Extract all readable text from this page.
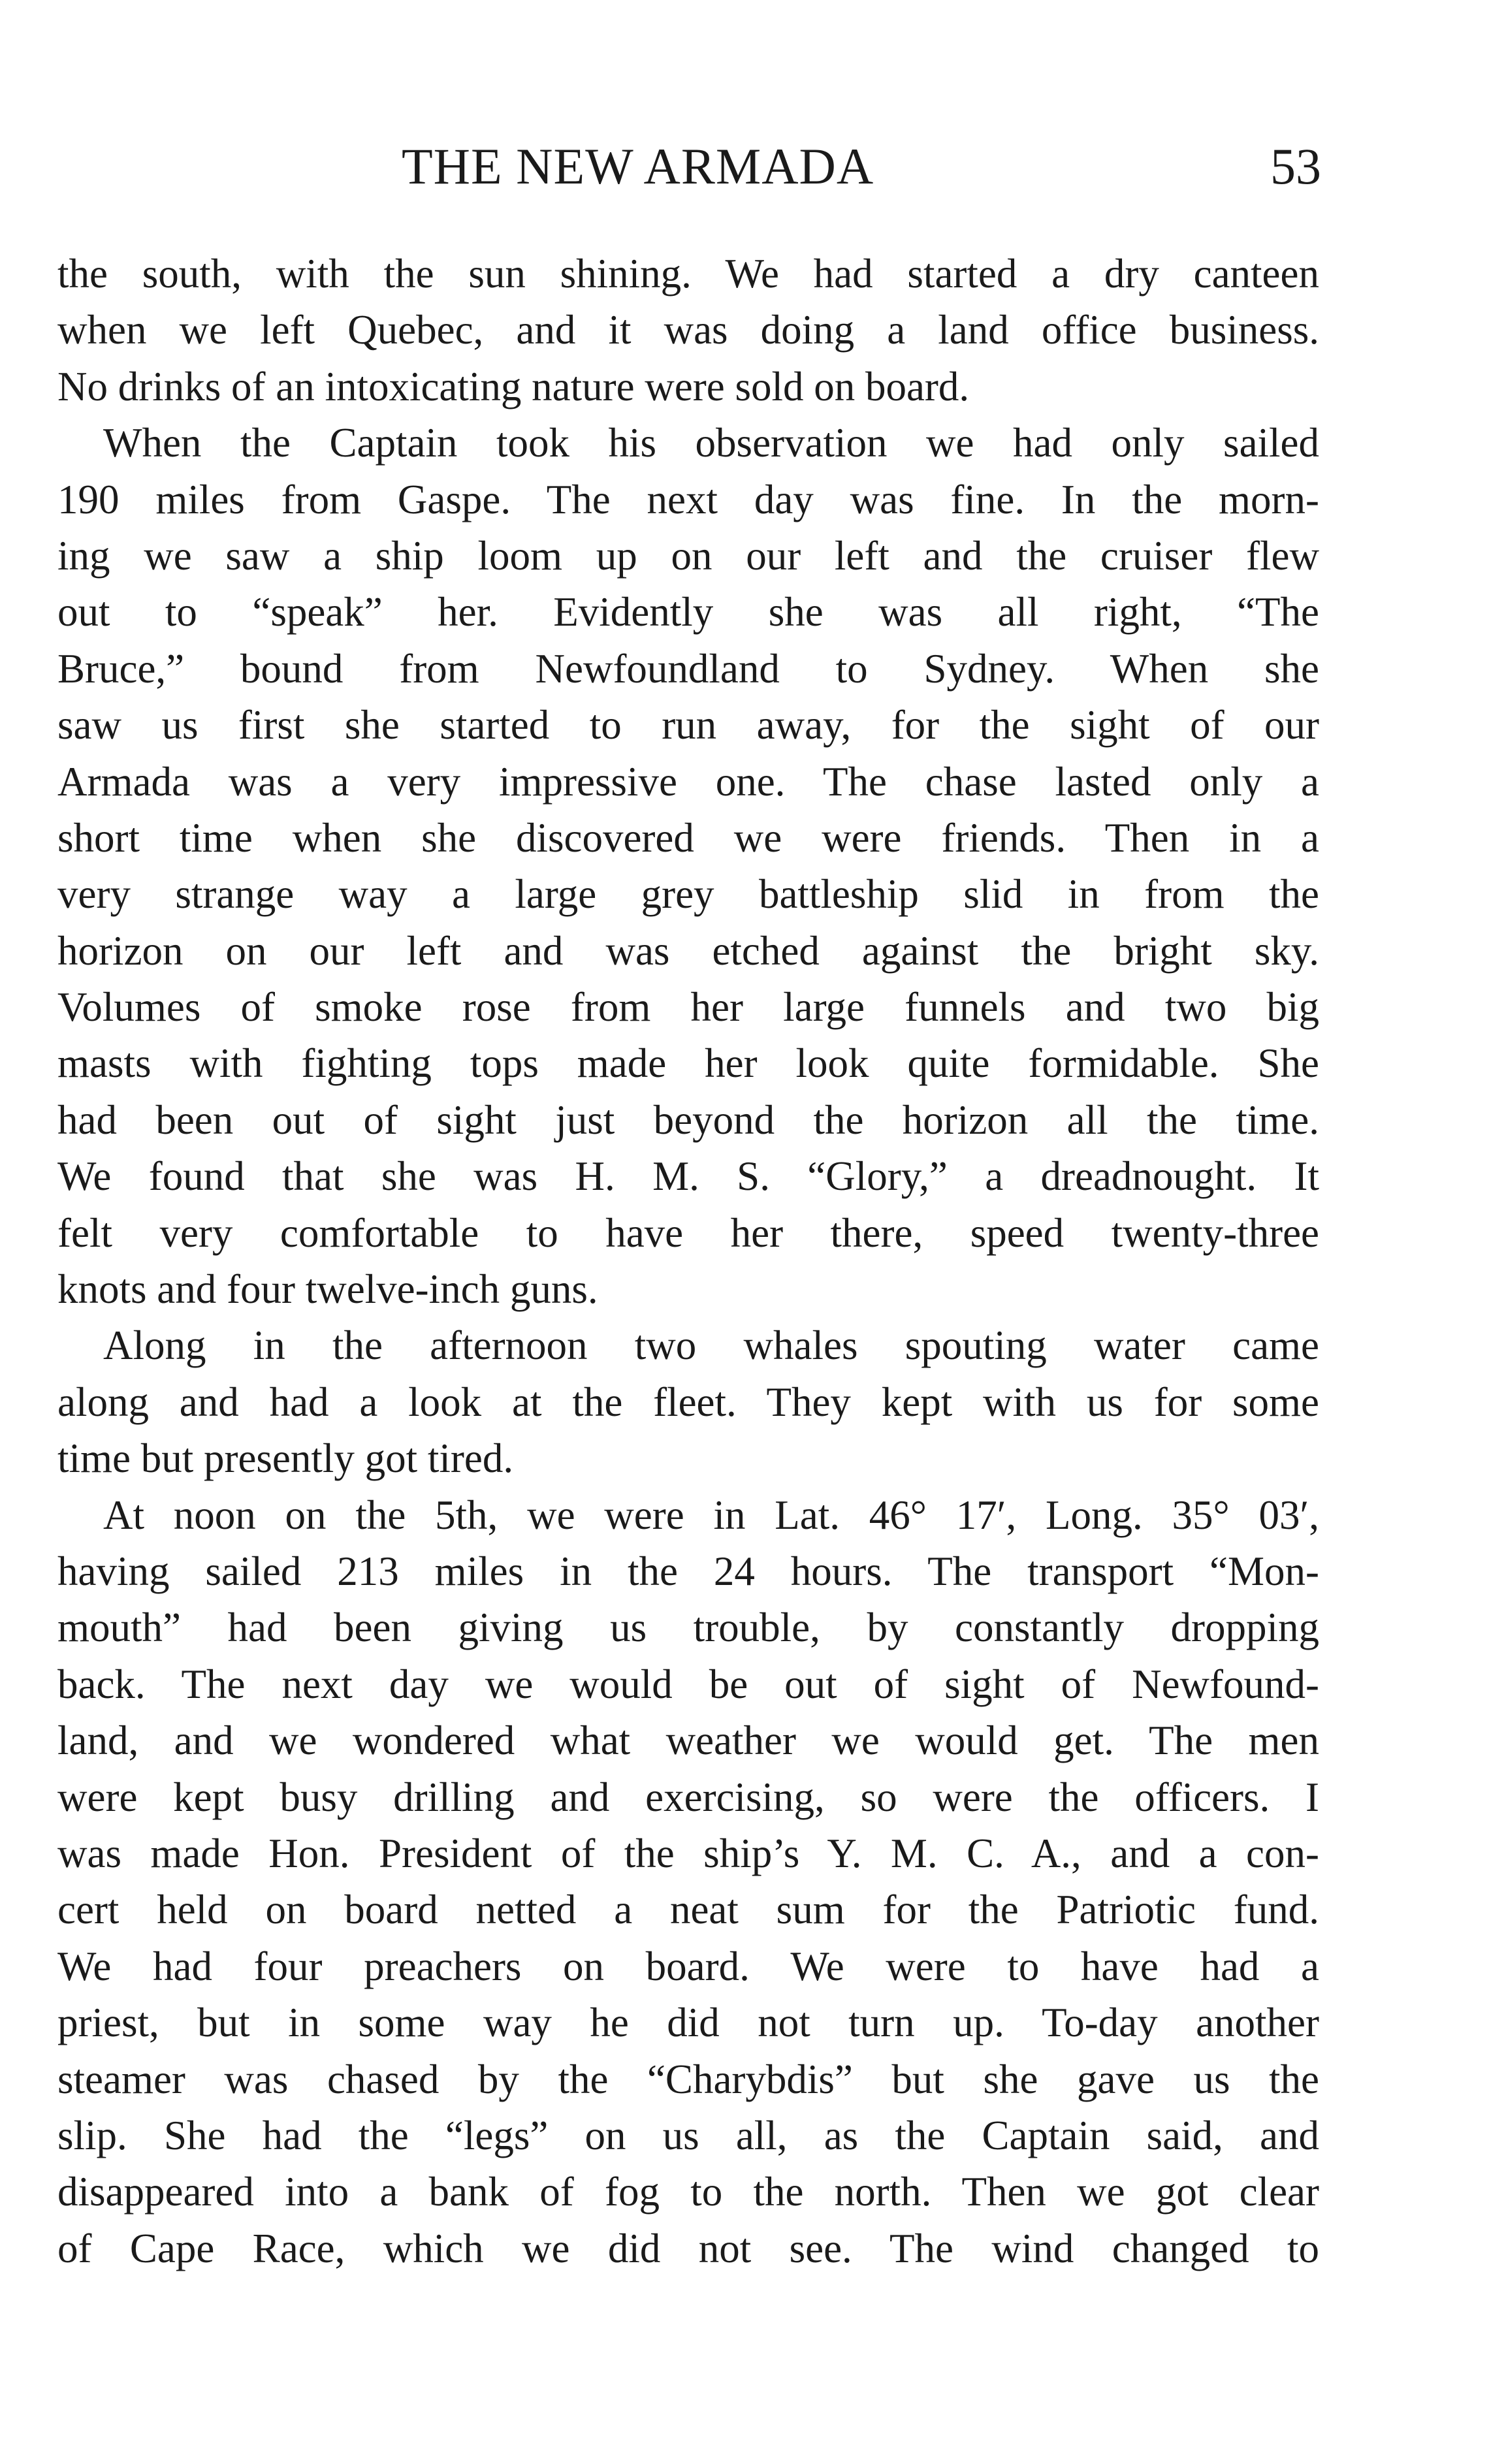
THE NEW ARMADA	53
the south, with the sun shining. We had started a dry canteen
when we left Quebec, and it was doing a land office business.
No drinks of an intoxicating nature were sold on board.
When the Captain took his observation we had only sailed
190 miles from Gaspe. The next day was fine. In the morn-
ing we saw a ship loom up on our left and the cruiser flew
out to “speak” her. Evidently she was all right, “The
Bruce,” bound from Newfoundland to Sydney. When she
saw us first she started to run away, for the sight of our
Armada was a very impressive one. The chase lasted only a
short time when she discovered we were friends. Then in a
very strange way a large grey battleship slid in from the
horizon on our left and was etched against the bright sky.
Volumes of smoke rose from her large funnels and two big
masts with fighting tops made her look quite formidable. She
had been out of sight just beyond the horizon all the time.
We found that she was H. M. S. “Glory,” a dreadnought. It
felt very comfortable to have her there, speed twenty-three
knots and four twelve-inch guns.
Along in the afternoon two whales spouting water came
along and had a look at the fleet. They kept with us for some
time but presently got tired.
At noon on the 5th, we were in Lat. 46° 17′, Long. 35° 03′,
having sailed 213 miles in the 24 hours. The transport “Mon-
mouth” had been giving us trouble, by constantly dropping
back. The next day we would be out of sight of Newfound-
land, and we wondered what weather we would get. The men
were kept busy drilling and exercising, so were the officers. I
was made Hon. President of the ship’s Y. M. C. A., and a con-
cert held on board netted a neat sum for the Patriotic fund.
We had four preachers on board. We were to have had a
priest, but in some way he did not turn up. To-day another
steamer was chased by the “Charybdis” but she gave us the
slip. She had the “legs” on us all, as the Captain said, and
disappeared into a bank of fog to the north. Then we got clear
of Cape Race, which we did not see. The wind changed to
